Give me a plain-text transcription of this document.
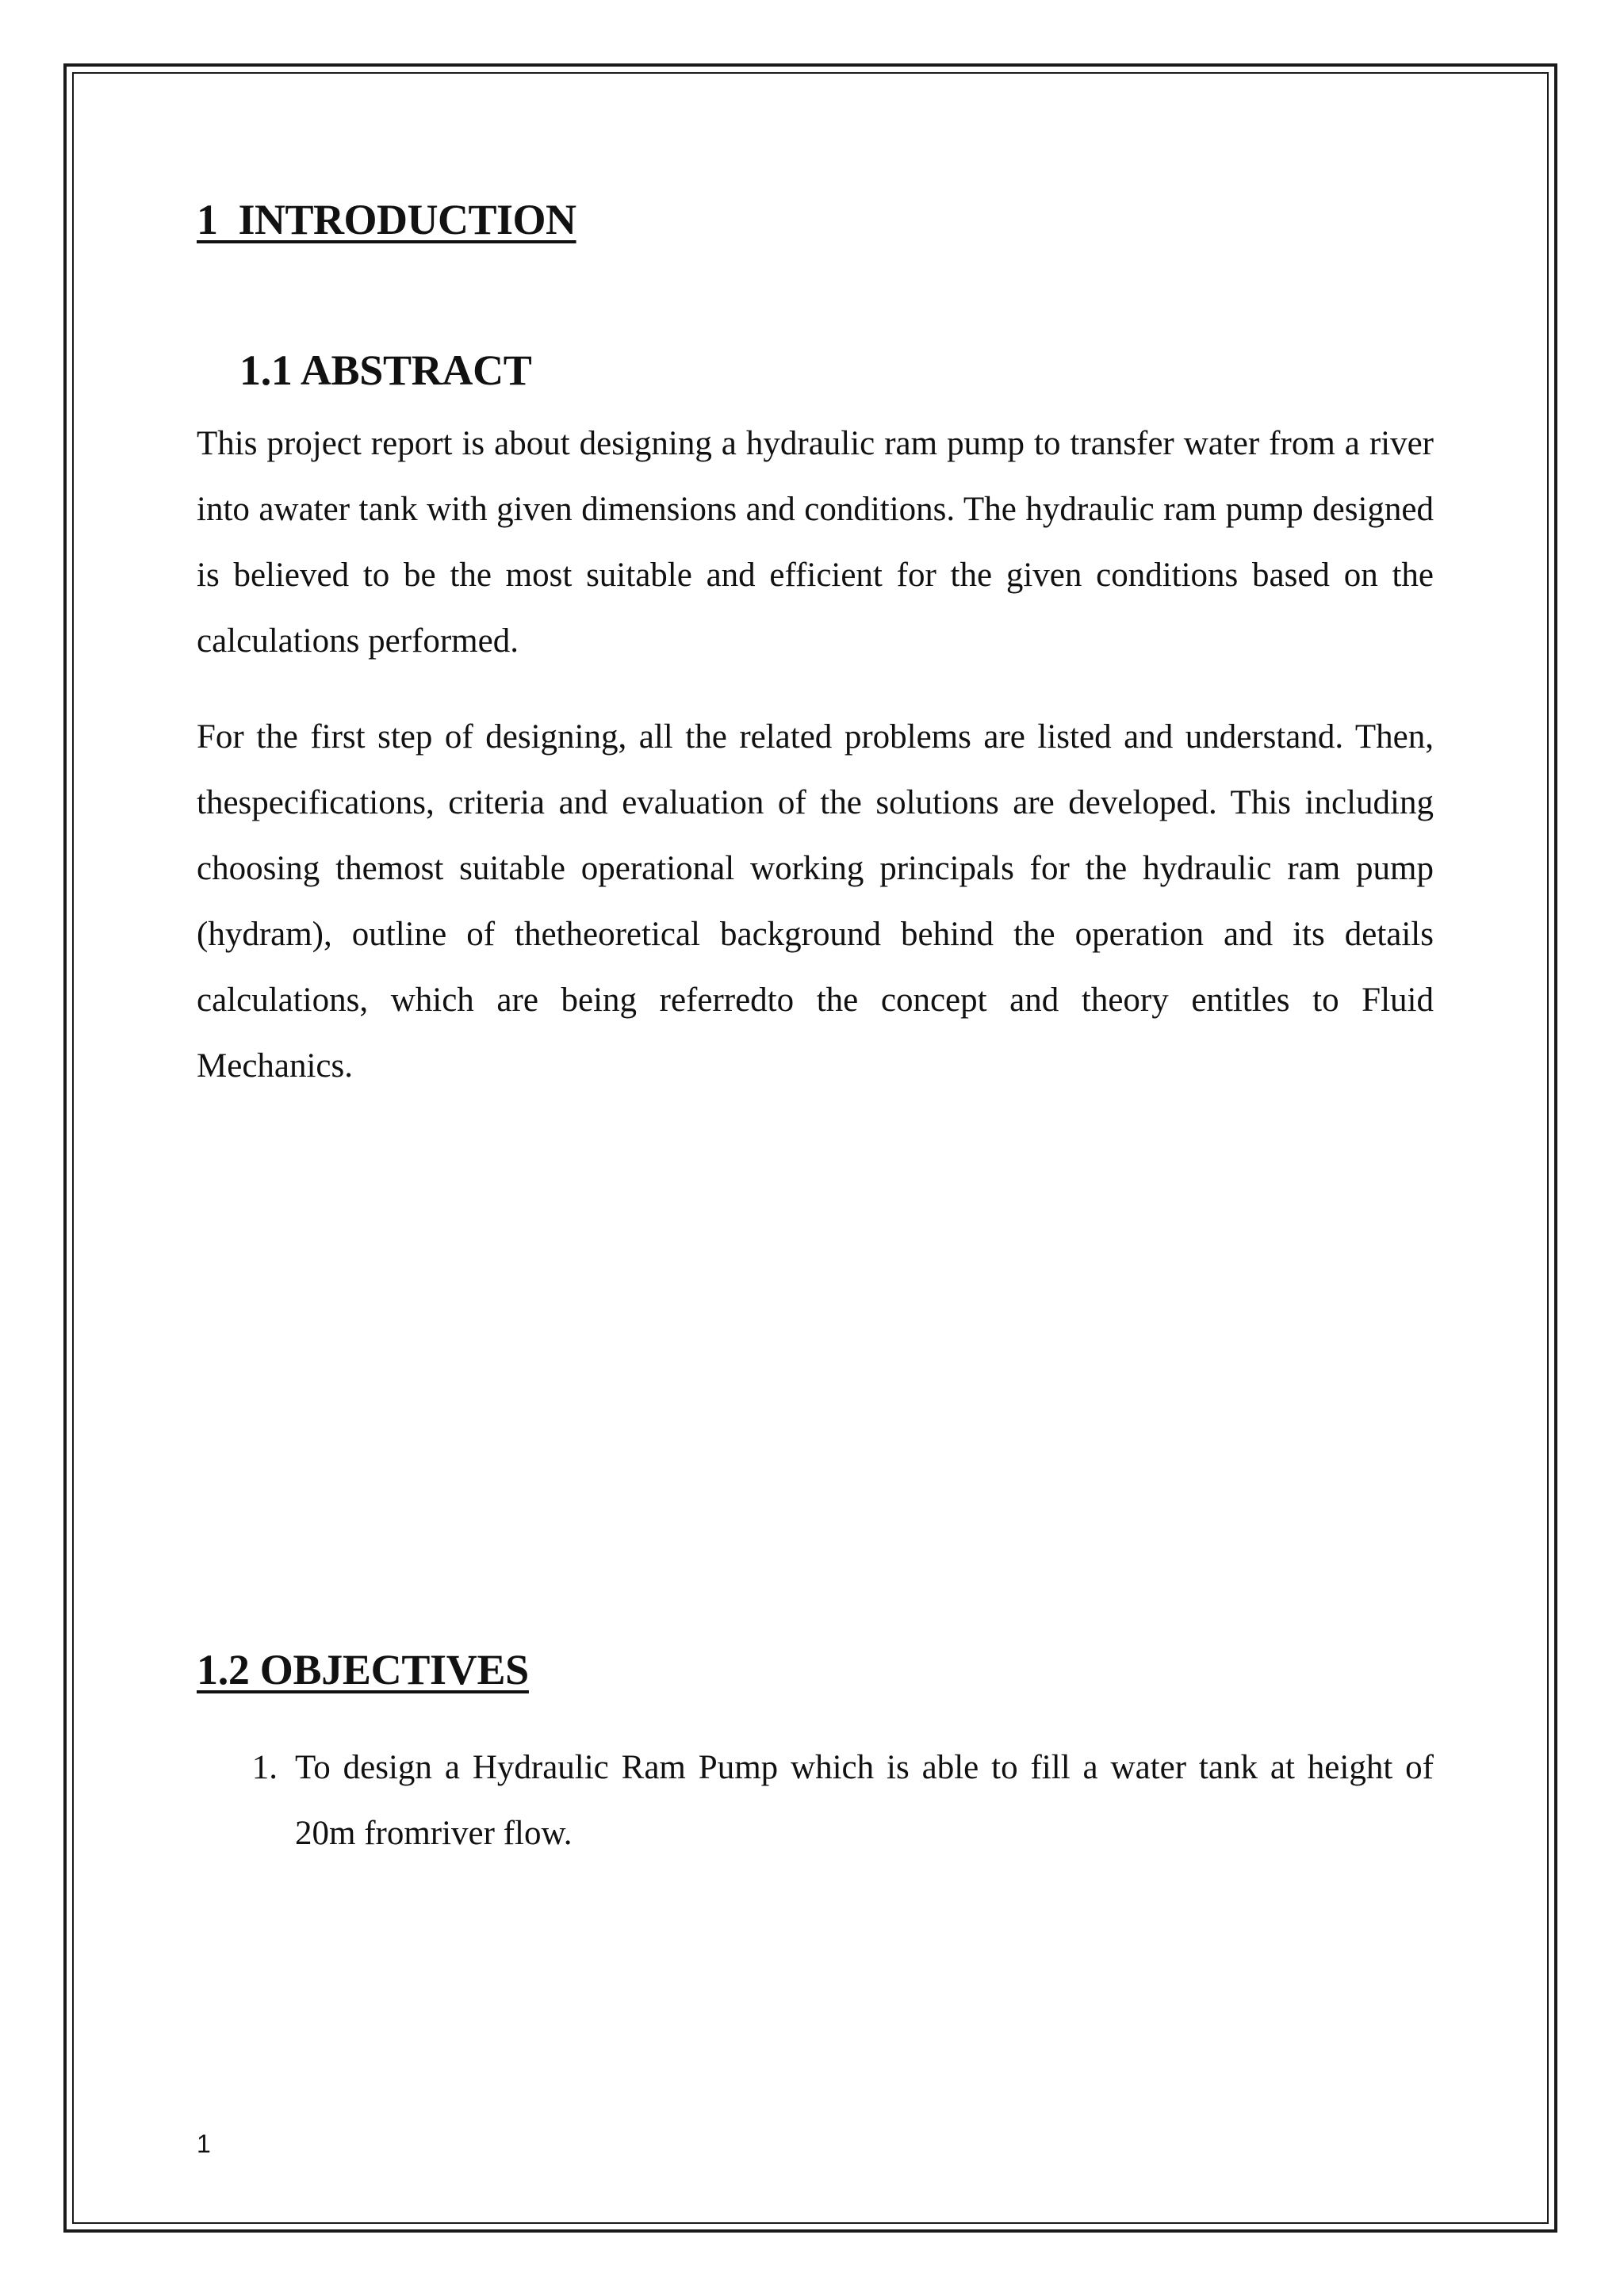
1  INTRODUCTION
1.1 ABSTRACT
This project report is about designing a hydraulic ram pump to transfer water from a river into awater tank with given dimensions and conditions. The hydraulic ram pump designed is believed to be the most suitable and efficient for the given conditions based on the calculations performed.
For the first step of designing, all the related problems are listed and understand. Then, thespecifications, criteria and evaluation of the solutions are developed. This including choosing themost suitable operational working principals for the hydraulic ram pump (hydram), outline of thetheoretical background behind the operation and its details calculations, which are being referredto the concept and theory entitles to Fluid Mechanics.
1.2 OBJECTIVES
1. To design a Hydraulic Ram Pump which is able to fill a water tank at height of 20m fromriver flow.
1
